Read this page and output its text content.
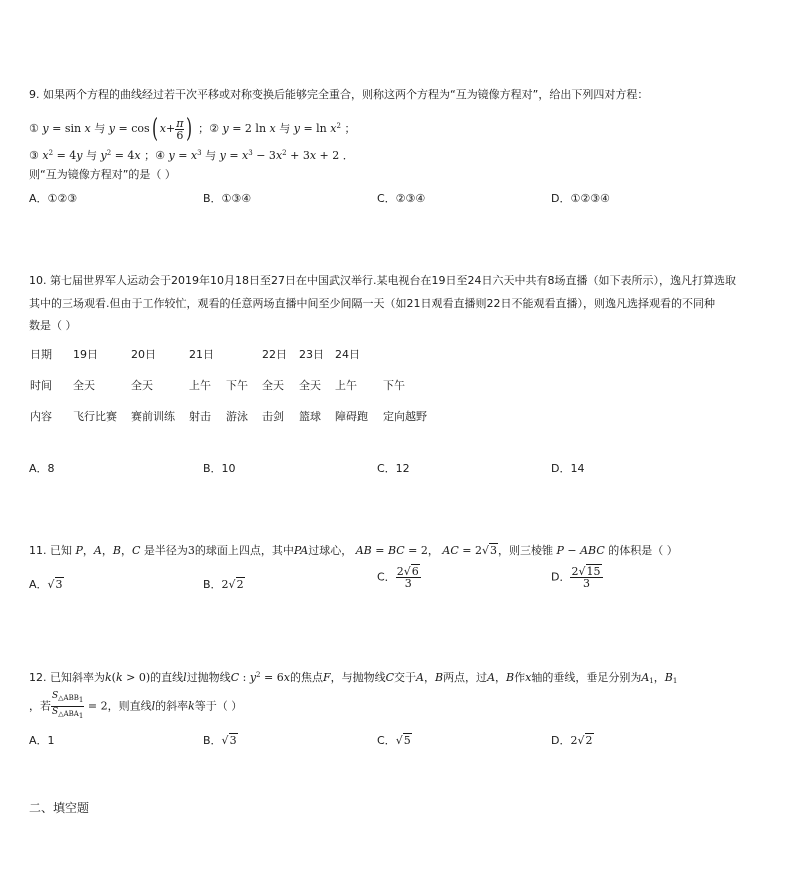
9. 如果两个方程的曲线经过若干次平移或对称变换后能够完全重合，则称这两个方程为“互为镜像方程对”，给出下列四对方程：
① y = sin x 与 y = cos( $x+ \frac{\pi}{6}$ ) ；② y = 2 ln x 与 $y = \ln x^2$ ；
③ $x^2 = 4y$ 与 $y^2 = 4x$ ；④ $y = x^3$ 与 $y = x^3 - 3x^2 + 3x + 2$ ．
则“互为镜像方程对”的是（ ）
A．①②③	B．①③④	C．②③④	D．①②③④
10. 第七届世界军人运动会于2019年10月18日至27日在中国武汉举行.某电视台在19日至24日六天中共有8场直播（如下表所示），逸凡打算选取
其中的三场观看.但由于工作较忙，观看的任意两场直播中间至少间隔一天（如21日观看直播则22日不能观看直播），则逸凡选择观看的不同种
数是（ ）
日期	19日	20日	21日		22日	23日	24日	
时间	全天	全天	上午	下午	全天	全天	上午	下午
内容	飞行比赛	赛前训练	射击	游泳	击剑	篮球	障碍跑	定向越野
A．8	B．10	C．12	D．14
11. 已知 P，A，B，C 是半径为3的球面上四点，其中PA过球心， AB = BC = 2， AC = 2√3，则三棱锥 P − ABC 的体积是（ ）
A．√3	B．2√2
C． $\frac{2√6}{3}$	D． $\frac{2√15}{3}$
12. 已知斜率为k(k > 0)的直线l过抛物线C : $y^2 = 6x$的焦点F，与抛物线C交于A，B两点，过A，B作x轴的垂线，垂足分别为$A_1$，$B_1$
，若 $\frac{S_{\triangle ABB_1}}{S_{\triangle ABA_1}} = 2$，则直线l的斜率k等于（ ）
A．1	B．√3	C．√5	D．2√2
二、填空题
